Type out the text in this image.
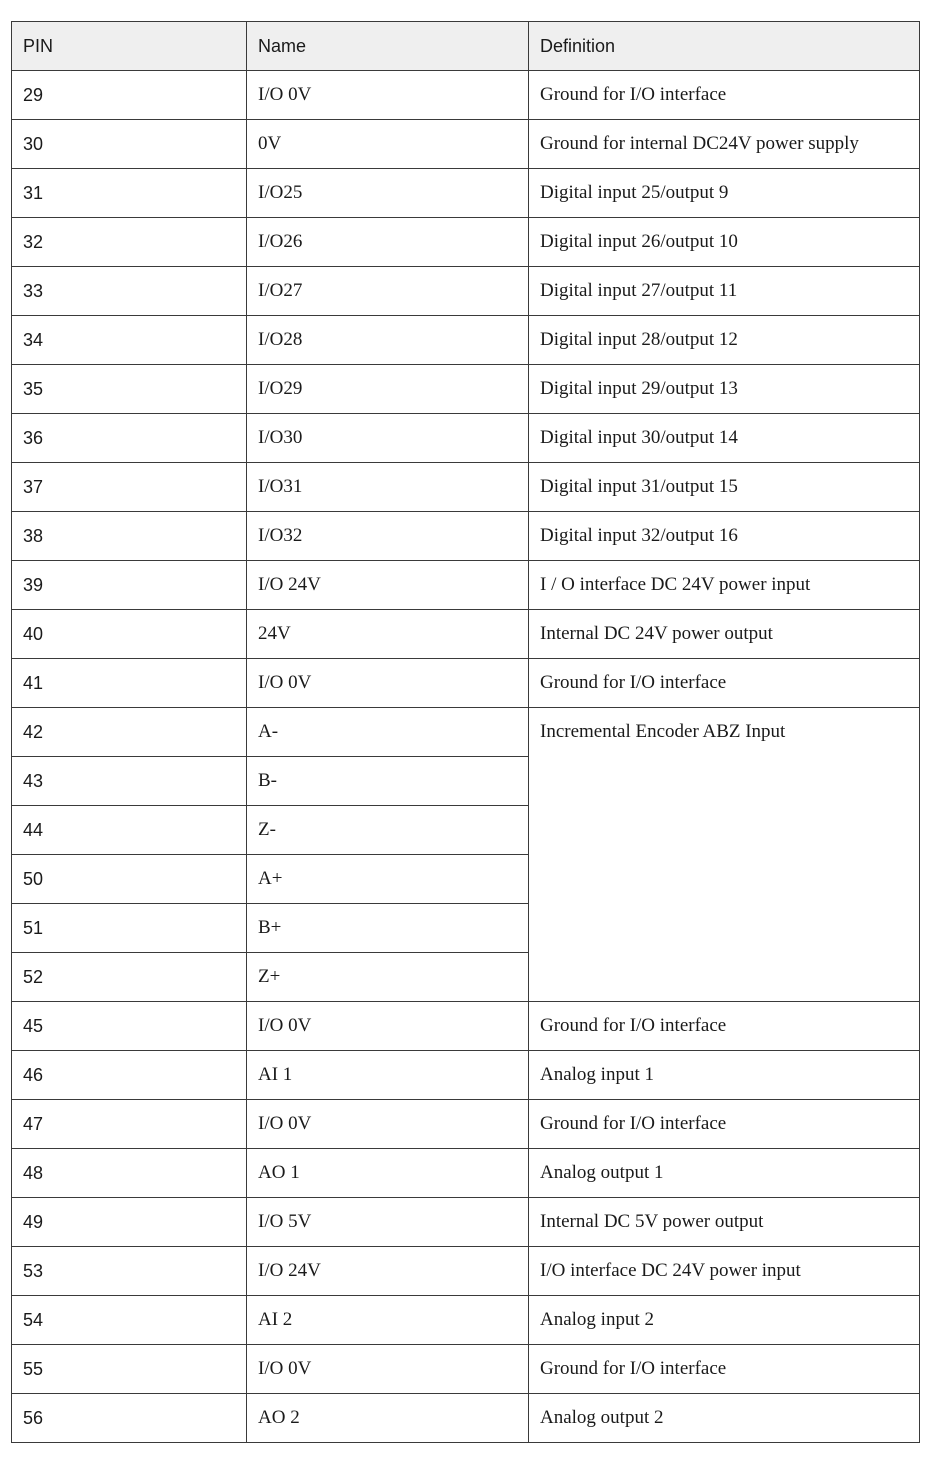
PIN	Name	Definition
29	I/O 0V	Ground for I/O interface
30	0V	Ground for internal DC24V power supply
31	I/O25	Digital input 25/output 9
32	I/O26	Digital input 26/output 10
33	I/O27	Digital input 27/output 11
34	I/O28	Digital input 28/output 12
35	I/O29	Digital input 29/output 13
36	I/O30	Digital input 30/output 14
37	I/O31	Digital input 31/output 15
38	I/O32	Digital input 32/output 16
39	I/O 24V	I / O interface DC 24V power input
40	24V	Internal DC 24V power output
41	I/O 0V	Ground for I/O interface
42	A-	Incremental Encoder ABZ Input
43	B-	
44	Z-	
50	A+	
51	B+	
52	Z+	
45	I/O 0V	Ground for I/O interface
46	AI 1	Analog input 1
47	I/O 0V	Ground for I/O interface
48	AO 1	Analog output 1
49	I/O 5V	Internal DC 5V power output
53	I/O 24V	I/O interface DC 24V power input
54	AI 2	Analog input 2
55	I/O 0V	Ground for I/O interface
56	AO 2	Analog output 2
